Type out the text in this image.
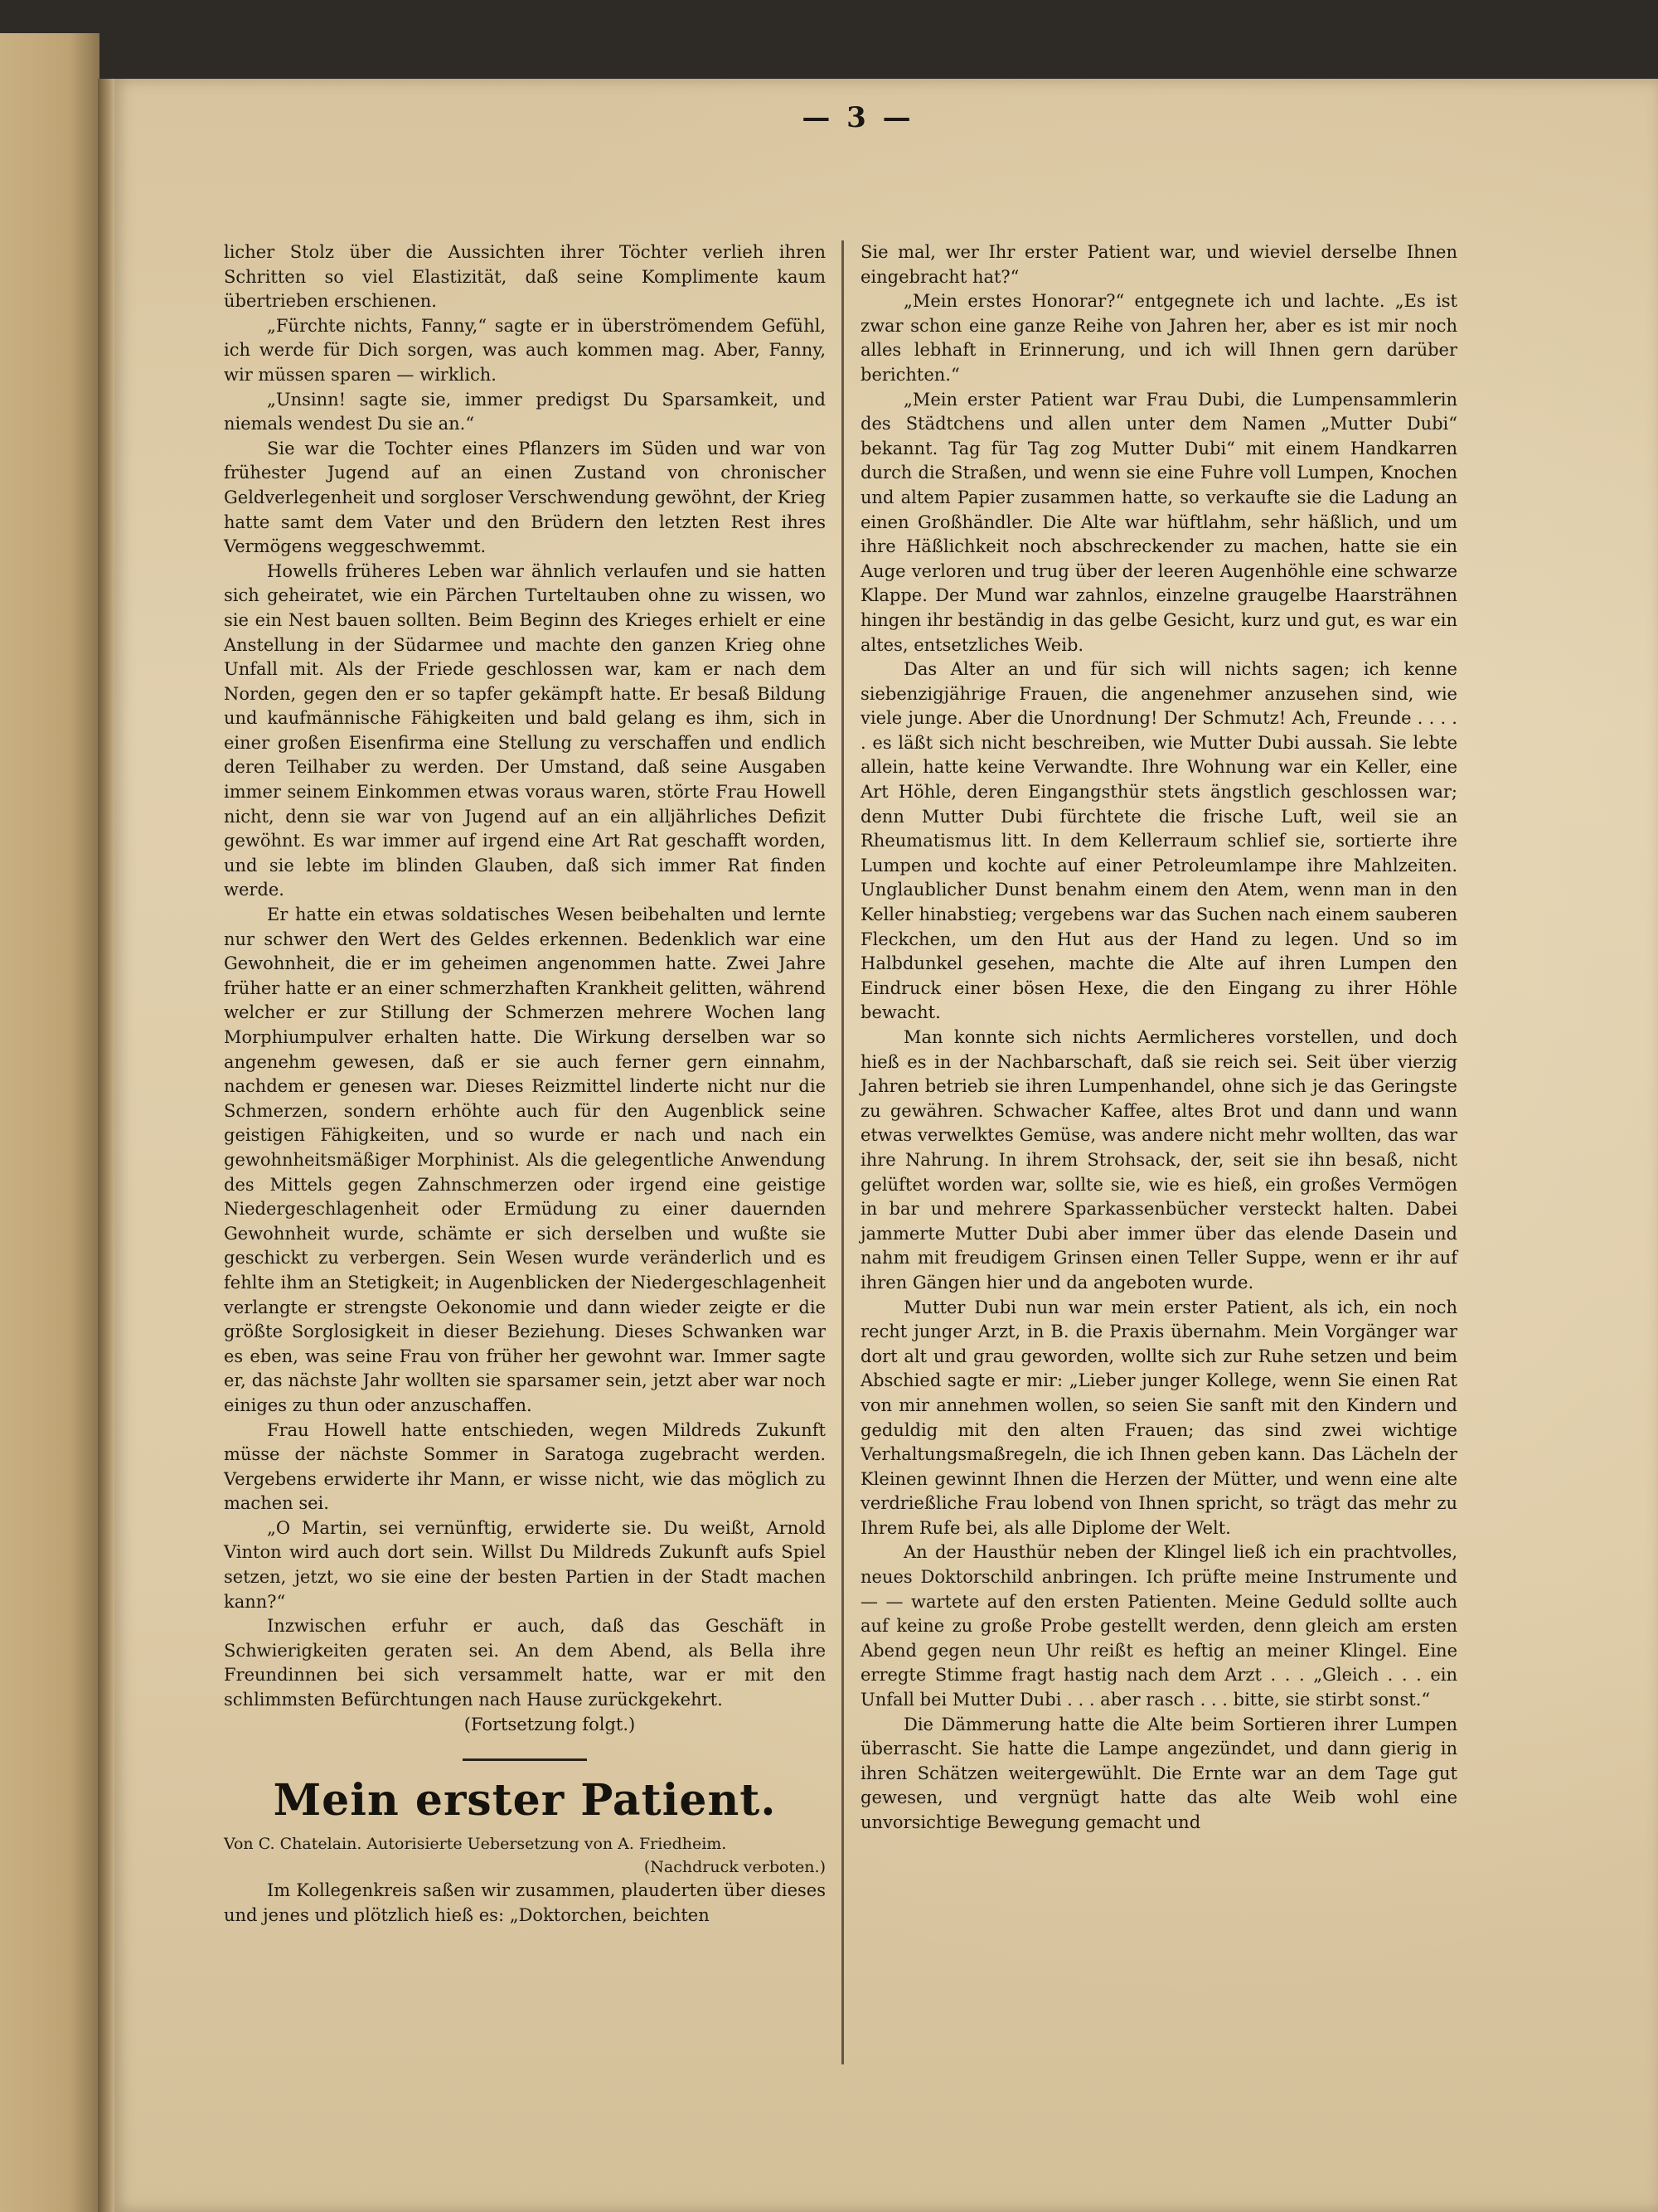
— 3 —

licher Stolz über die Aussichten ihrer Töchter verlieh ihren Schritten so viel Elastizität, daß seine Komplimente kaum übertrieben erschienen.

„Fürchte nichts, Fanny,“ sagte er in überströmendem Gefühl, ich werde für Dich sorgen, was auch kommen mag. Aber, Fanny, wir müssen sparen — wirklich.

„Unsinn! sagte sie, immer predigst Du Sparsamkeit, und niemals wendest Du sie an.“

Sie war die Tochter eines Pflanzers im Süden und war von frühester Jugend auf an einen Zustand von chronischer Geldverlegenheit und sorgloser Verschwendung gewöhnt, der Krieg hatte samt dem Vater und den Brüdern den letzten Rest ihres Vermögens weggeschwemmt.

Howells früheres Leben war ähnlich verlaufen und sie hatten sich geheiratet, wie ein Pärchen Turteltauben ohne zu wissen, wo sie ein Nest bauen sollten. Beim Beginn des Krieges erhielt er eine Anstellung in der Südarmee und machte den ganzen Krieg ohne Unfall mit. Als der Friede geschlossen war, kam er nach dem Norden, gegen den er so tapfer gekämpft hatte. Er besaß Bildung und kaufmännische Fähigkeiten und bald gelang es ihm, sich in einer großen Eisenfirma eine Stellung zu verschaffen und endlich deren Teilhaber zu werden. Der Umstand, daß seine Ausgaben immer seinem Einkommen etwas voraus waren, störte Frau Howell nicht, denn sie war von Jugend auf an ein alljährliches Defizit gewöhnt. Es war immer auf irgend eine Art Rat geschafft worden, und sie lebte im blinden Glauben, daß sich immer Rat finden werde.

Er hatte ein etwas soldatisches Wesen beibehalten und lernte nur schwer den Wert des Geldes erkennen. Bedenklich war eine Gewohnheit, die er im geheimen angenommen hatte. Zwei Jahre früher hatte er an einer schmerzhaften Krankheit gelitten, während welcher er zur Stillung der Schmerzen mehrere Wochen lang Morphiumpulver erhalten hatte. Die Wirkung derselben war so angenehm gewesen, daß er sie auch ferner gern einnahm, nachdem er genesen war. Dieses Reizmittel linderte nicht nur die Schmerzen, sondern erhöhte auch für den Augenblick seine geistigen Fähigkeiten, und so wurde er nach und nach ein gewohnheitsmäßiger Morphinist. Als die gelegentliche Anwendung des Mittels gegen Zahnschmerzen oder irgend eine geistige Niedergeschlagenheit oder Ermüdung zu einer dauernden Gewohnheit wurde, schämte er sich derselben und wußte sie geschickt zu verbergen. Sein Wesen wurde veränderlich und es fehlte ihm an Stetigkeit; in Augenblicken der Niedergeschlagenheit verlangte er strengste Oekonomie und dann wieder zeigte er die größte Sorglosigkeit in dieser Beziehung. Dieses Schwanken war es eben, was seine Frau von früher her gewohnt war. Immer sagte er, das nächste Jahr wollten sie sparsamer sein, jetzt aber war noch einiges zu thun oder anzuschaffen.

Frau Howell hatte entschieden, wegen Mildreds Zukunft müsse der nächste Sommer in Saratoga zugebracht werden. Vergebens erwiderte ihr Mann, er wisse nicht, wie das möglich zu machen sei.

„O Martin, sei vernünftig, erwiderte sie. Du weißt, Arnold Vinton wird auch dort sein. Willst Du Mildreds Zukunft aufs Spiel setzen, jetzt, wo sie eine der besten Partien in der Stadt machen kann?“

Inzwischen erfuhr er auch, daß das Geschäft in Schwierigkeiten geraten sei. An dem Abend, als Bella ihre Freundinnen bei sich versammelt hatte, war er mit den schlimmsten Befürchtungen nach Hause zurückgekehrt.

(Fortsetzung folgt.)

Mein erster Patient.
Von C. Chatelain. Autorisierte Uebersetzung von A. Friedheim.
(Nachdruck verboten.)

Im Kollegenkreis saßen wir zusammen, plauderten über dieses und jenes und plötzlich hieß es: „Doktorchen, beichten

Sie mal, wer Ihr erster Patient war, und wieviel derselbe Ihnen eingebracht hat?“

„Mein erstes Honorar?“ entgegnete ich und lachte. „Es ist zwar schon eine ganze Reihe von Jahren her, aber es ist mir noch alles lebhaft in Erinnerung, und ich will Ihnen gern darüber berichten.“

„Mein erster Patient war Frau Dubi, die Lumpensammlerin des Städtchens und allen unter dem Namen „Mutter Dubi“ bekannt. Tag für Tag zog Mutter Dubi“ mit einem Handkarren durch die Straßen, und wenn sie eine Fuhre voll Lumpen, Knochen und altem Papier zusammen hatte, so verkaufte sie die Ladung an einen Großhändler. Die Alte war hüftlahm, sehr häßlich, und um ihre Häßlichkeit noch abschreckender zu machen, hatte sie ein Auge verloren und trug über der leeren Augenhöhle eine schwarze Klappe. Der Mund war zahnlos, einzelne graugelbe Haarsträhnen hingen ihr beständig in das gelbe Gesicht, kurz und gut, es war ein altes, entsetzliches Weib.

Das Alter an und für sich will nichts sagen; ich kenne siebenzigjährige Frauen, die angenehmer anzusehen sind, wie viele junge. Aber die Unordnung! Der Schmutz! Ach, Freunde . . . . . es läßt sich nicht beschreiben, wie Mutter Dubi aussah. Sie lebte allein, hatte keine Verwandte. Ihre Wohnung war ein Keller, eine Art Höhle, deren Eingangsthür stets ängstlich geschlossen war; denn Mutter Dubi fürchtete die frische Luft, weil sie an Rheumatismus litt. In dem Kellerraum schlief sie, sortierte ihre Lumpen und kochte auf einer Petroleumlampe ihre Mahlzeiten. Unglaublicher Dunst benahm einem den Atem, wenn man in den Keller hinabstieg; vergebens war das Suchen nach einem sauberen Fleckchen, um den Hut aus der Hand zu legen. Und so im Halbdunkel gesehen, machte die Alte auf ihren Lumpen den Eindruck einer bösen Hexe, die den Eingang zu ihrer Höhle bewacht.

Man konnte sich nichts Aermlicheres vorstellen, und doch hieß es in der Nachbarschaft, daß sie reich sei. Seit über vierzig Jahren betrieb sie ihren Lumpenhandel, ohne sich je das Geringste zu gewähren. Schwacher Kaffee, altes Brot und dann und wann etwas verwelktes Gemüse, was andere nicht mehr wollten, das war ihre Nahrung. In ihrem Strohsack, der, seit sie ihn besaß, nicht gelüftet worden war, sollte sie, wie es hieß, ein großes Vermögen in bar und mehrere Sparkassenbücher versteckt halten. Dabei jammerte Mutter Dubi aber immer über das elende Dasein und nahm mit freudigem Grinsen einen Teller Suppe, wenn er ihr auf ihren Gängen hier und da angeboten wurde.

Mutter Dubi nun war mein erster Patient, als ich, ein noch recht junger Arzt, in B. die Praxis übernahm. Mein Vorgänger war dort alt und grau geworden, wollte sich zur Ruhe setzen und beim Abschied sagte er mir: „Lieber junger Kollege, wenn Sie einen Rat von mir annehmen wollen, so seien Sie sanft mit den Kindern und geduldig mit den alten Frauen; das sind zwei wichtige Verhaltungsmaßregeln, die ich Ihnen geben kann. Das Lächeln der Kleinen gewinnt Ihnen die Herzen der Mütter, und wenn eine alte verdrießliche Frau lobend von Ihnen spricht, so trägt das mehr zu Ihrem Rufe bei, als alle Diplome der Welt.

An der Hausthür neben der Klingel ließ ich ein prachtvolles, neues Doktorschild anbringen. Ich prüfte meine Instrumente und — — wartete auf den ersten Patienten. Meine Geduld sollte auch auf keine zu große Probe gestellt werden, denn gleich am ersten Abend gegen neun Uhr reißt es heftig an meiner Klingel. Eine erregte Stimme fragt hastig nach dem Arzt . . . „Gleich . . . ein Unfall bei Mutter Dubi . . . aber rasch . . . bitte, sie stirbt sonst.“

Die Dämmerung hatte die Alte beim Sortieren ihrer Lumpen überrascht. Sie hatte die Lampe angezündet, und dann gierig in ihren Schätzen weitergewühlt. Die Ernte war an dem Tage gut gewesen, und vergnügt hatte das alte Weib wohl eine unvorsichtige Bewegung gemacht und
